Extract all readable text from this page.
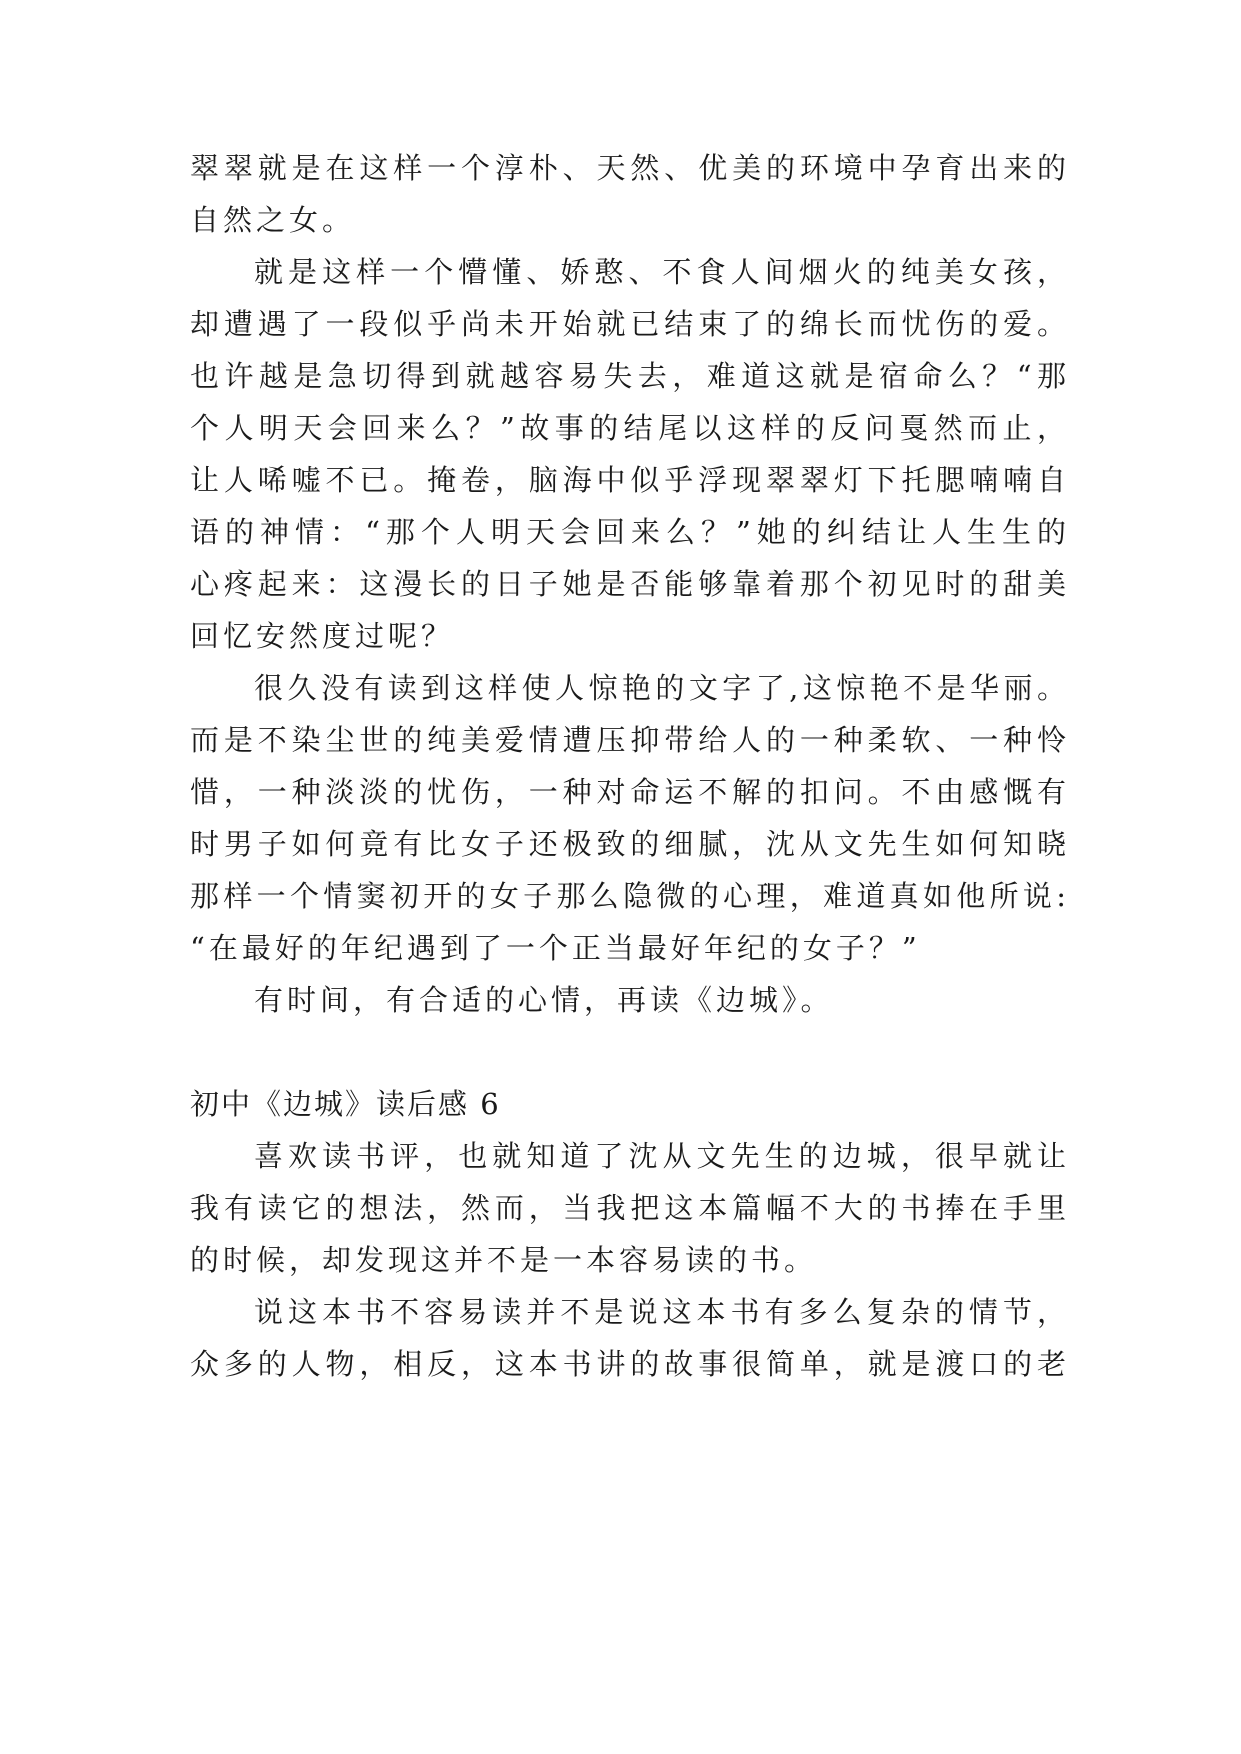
翠翠就是在这样一个淳朴、天然、优美的环境中孕育出来的
自然之女。
就是这样一个懵懂、娇憨、不食人间烟火的纯美女孩，
却遭遇了一段似乎尚未开始就已结束了的绵长而忧伤的爱。
也许越是急切得到就越容易失去，难道这就是宿命么？“那
个人明天会回来么？”故事的结尾以这样的反问戛然而止，
让人唏嘘不已。掩卷，脑海中似乎浮现翠翠灯下托腮喃喃自
语的神情：“那个人明天会回来么？”她的纠结让人生生的
心疼起来：这漫长的日子她是否能够靠着那个初见时的甜美
回忆安然度过呢？
很久没有读到这样使人惊艳的文字了,这惊艳不是华丽。
而是不染尘世的纯美爱情遭压抑带给人的一种柔软、一种怜
惜，一种淡淡的忧伤，一种对命运不解的扣问。不由感慨有
时男子如何竟有比女子还极致的细腻，沈从文先生如何知晓
那样一个情窦初开的女子那么隐微的心理，难道真如他所说:
“在最好的年纪遇到了一个正当最好年纪的女子？”
有时间，有合适的心情，再读《边城》。
初中《边城》读后感 6
喜欢读书评，也就知道了沈从文先生的边城，很早就让
我有读它的想法，然而，当我把这本篇幅不大的书捧在手里
的时候，却发现这并不是一本容易读的书。
说这本书不容易读并不是说这本书有多么复杂的情节，
众多的人物，相反，这本书讲的故事很简单，就是渡口的老
